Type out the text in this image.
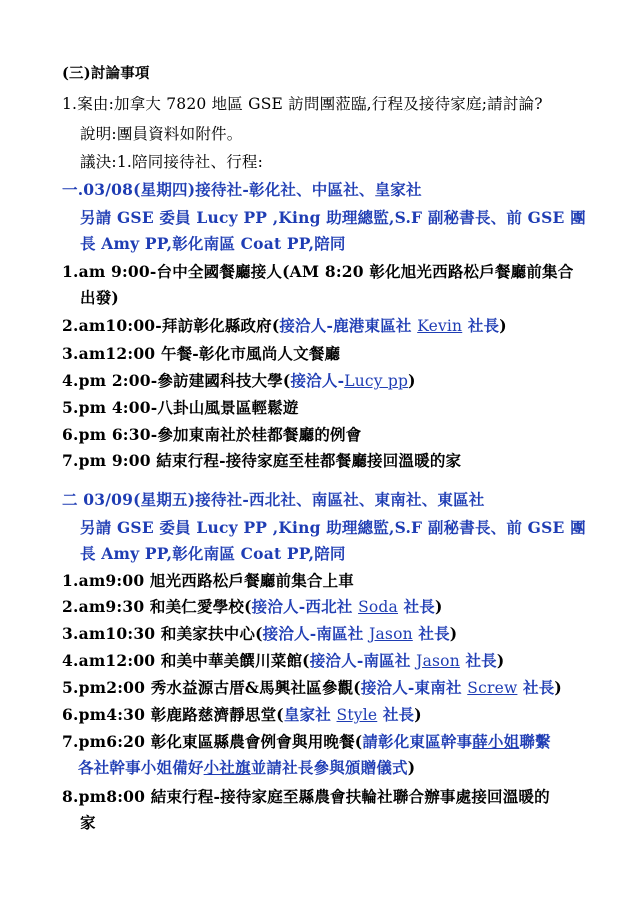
(三)討論事項
1.案由:加拿大 7820 地區 GSE 訪問團蒞臨,行程及接待家庭;請討論?
說明:團員資料如附件。
議決:1.陪同接待社、行程:
一.03/08(星期四)接待社-彰化社、中區社、皇家社
另請 GSE 委員 Lucy PP ,King 助理總監,S.F 副秘書長、前 GSE 團
長 Amy PP,彰化南區 Coat PP,陪同
1.am 9:00-台中全國餐廳接人(AM 8:20 彰化旭光西路松戶餐廳前集合
出發)
2.am10:00-拜訪彰化縣政府(接洽人-鹿港東區社 Kevin 社長)
3.am12:00 午餐-彰化市風尚人文餐廳
4.pm 2:00-參訪建國科技大學(接洽人-Lucy pp)
5.pm 4:00-八卦山風景區輕鬆遊
6.pm 6:30-參加東南社於桂都餐廳的例會
7.pm 9:00 結束行程-接待家庭至桂都餐廳接回溫暖的家
二 03/09(星期五)接待社-西北社、南區社、東南社、東區社
另請 GSE 委員 Lucy PP ,King 助理總監,S.F 副秘書長、前 GSE 團
長 Amy PP,彰化南區 Coat PP,陪同
1.am9:00 旭光西路松戶餐廳前集合上車
2.am9:30 和美仁愛學校(接洽人-西北社 Soda 社長)
3.am10:30 和美家扶中心(接洽人-南區社 Jason 社長)
4.am12:00 和美中華美饌川菜館(接洽人-南區社 Jason 社長)
5.pm2:00 秀水益源古厝&馬興社區參觀(接洽人-東南社 Screw 社長)
6.pm4:30 彰鹿路慈濟靜思堂(皇家社 Style 社長)
7.pm6:20 彰化東區縣農會例會與用晚餐(請彰化東區幹事薛小姐聯繫
各社幹事小姐備好小社旗並請社長參與頒贈儀式)
8.pm8:00 結束行程-接待家庭至縣農會扶輪社聯合辦事處接回溫暖的
家
